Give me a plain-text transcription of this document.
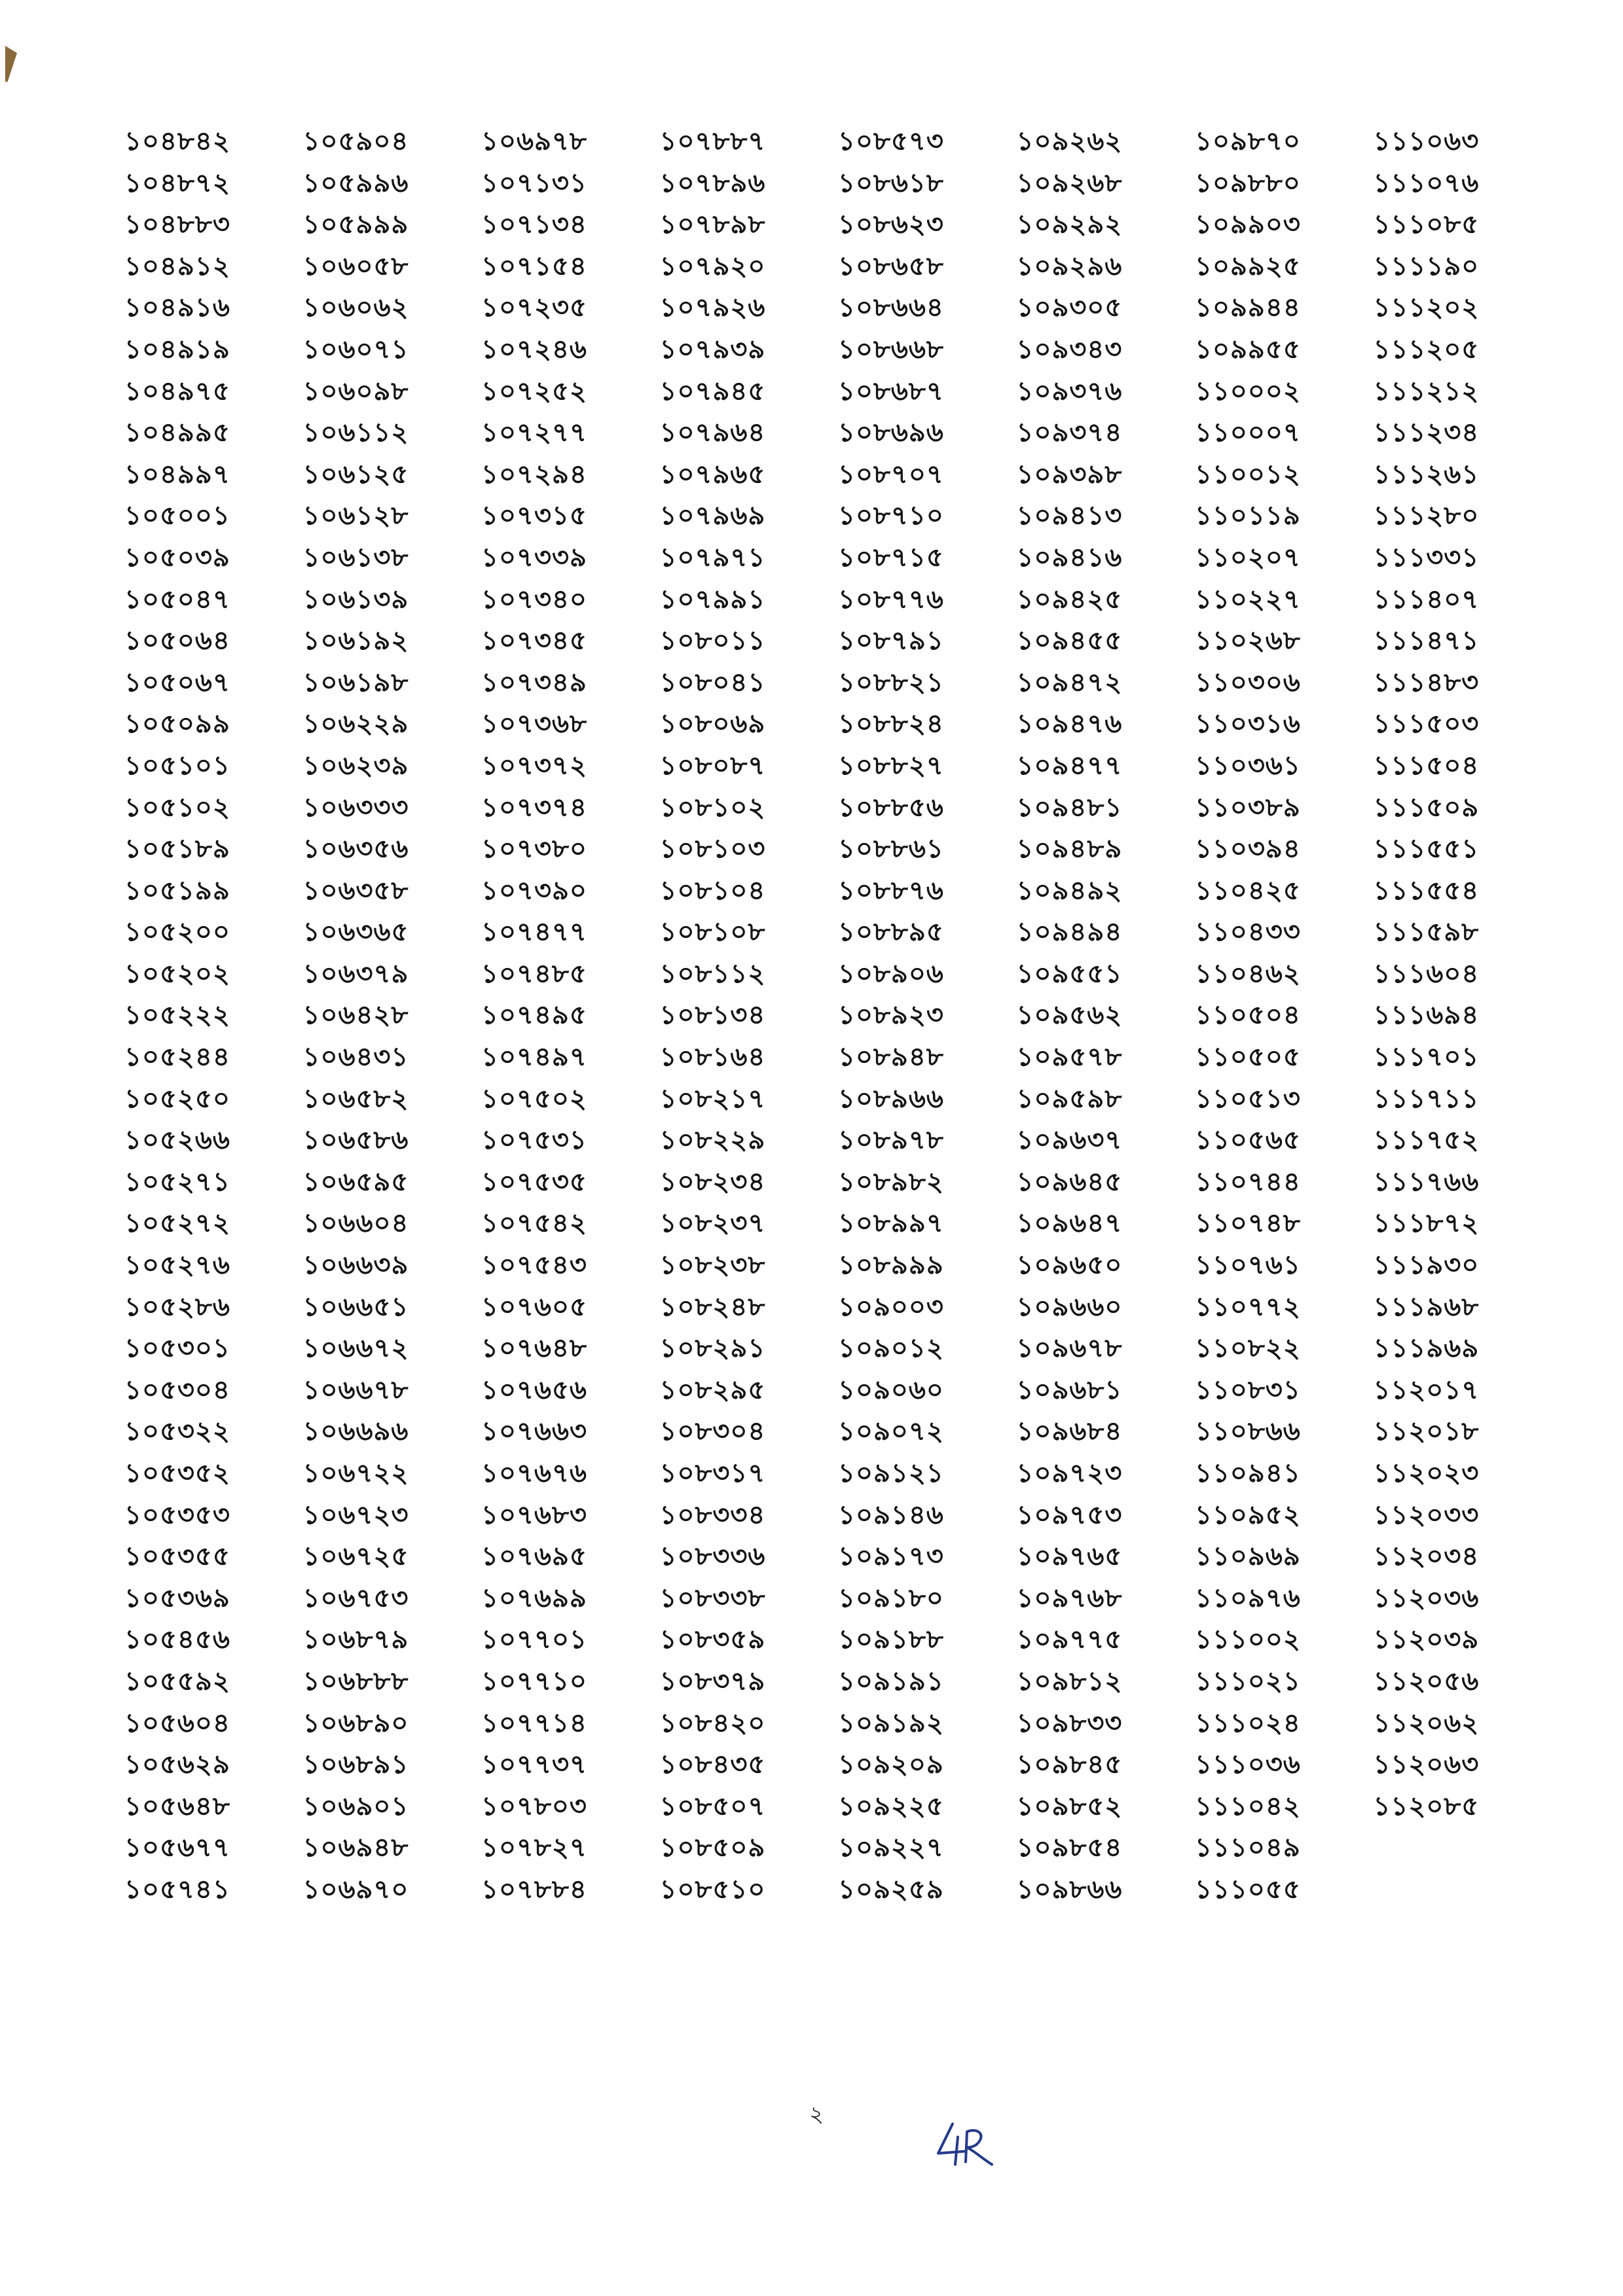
১০৪৮৪২
১০৪৮৭২
১০৪৮৮৩
১০৪৯১২
১০৪৯১৬
১০৪৯১৯
১০৪৯৭৫
১০৪৯৯৫
১০৪৯৯৭
১০৫০০১
১০৫০৩৯
১০৫০৪৭
১০৫০৬৪
১০৫০৬৭
১০৫০৯৯
১০৫১০১
১০৫১০২
১০৫১৮৯
১০৫১৯৯
১০৫২০০
১০৫২০২
১০৫২২২
১০৫২৪৪
১০৫২৫০
১০৫২৬৬
১০৫২৭১
১০৫২৭২
১০৫২৭৬
১০৫২৮৬
১০৫৩০১
১০৫৩০৪
১০৫৩২২
১০৫৩৫২
১০৫৩৫৩
১০৫৩৫৫
১০৫৩৬৯
১০৫৪৫৬
১০৫৫৯২
১০৫৬০৪
১০৫৬২৯
১০৫৬৪৮
১০৫৬৭৭
১০৫৭৪১
১০৫৯০৪
১০৫৯৯৬
১০৫৯৯৯
১০৬০৫৮
১০৬০৬২
১০৬০৭১
১০৬০৯৮
১০৬১১২
১০৬১২৫
১০৬১২৮
১০৬১৩৮
১০৬১৩৯
১০৬১৯২
১০৬১৯৮
১০৬২২৯
১০৬২৩৯
১০৬৩৩৩
১০৬৩৫৬
১০৬৩৫৮
১০৬৩৬৫
১০৬৩৭৯
১০৬৪২৮
১০৬৪৩১
১০৬৫৮২
১০৬৫৮৬
১০৬৫৯৫
১০৬৬০৪
১০৬৬৩৯
১০৬৬৫১
১০৬৬৭২
১০৬৬৭৮
১০৬৬৯৬
১০৬৭২২
১০৬৭২৩
১০৬৭২৫
১০৬৭৫৩
১০৬৮৭৯
১০৬৮৮৮
১০৬৮৯০
১০৬৮৯১
১০৬৯০১
১০৬৯৪৮
১০৬৯৭০
১০৬৯৭৮
১০৭১৩১
১০৭১৩৪
১০৭১৫৪
১০৭২৩৫
১০৭২৪৬
১০৭২৫২
১০৭২৭৭
১০৭২৯৪
১০৭৩১৫
১০৭৩৩৯
১০৭৩৪০
১০৭৩৪৫
১০৭৩৪৯
১০৭৩৬৮
১০৭৩৭২
১০৭৩৭৪
১০৭৩৮০
১০৭৩৯০
১০৭৪৭৭
১০৭৪৮৫
১০৭৪৯৫
১০৭৪৯৭
১০৭৫০২
১০৭৫৩১
১০৭৫৩৫
১০৭৫৪২
১০৭৫৪৩
১০৭৬০৫
১০৭৬৪৮
১০৭৬৫৬
১০৭৬৬৩
১০৭৬৭৬
১০৭৬৮৩
১০৭৬৯৫
১০৭৬৯৯
১০৭৭০১
১০৭৭১০
১০৭৭১৪
১০৭৭৩৭
১০৭৮০৩
১০৭৮২৭
১০৭৮৮৪
১০৭৮৮৭
১০৭৮৯৬
১০৭৮৯৮
১০৭৯২০
১০৭৯২৬
১০৭৯৩৯
১০৭৯৪৫
১০৭৯৬৪
১০৭৯৬৫
১০৭৯৬৯
১০৭৯৭১
১০৭৯৯১
১০৮০১১
১০৮০৪১
১০৮০৬৯
১০৮০৮৭
১০৮১০২
১০৮১০৩
১০৮১০৪
১০৮১০৮
১০৮১১২
১০৮১৩৪
১০৮১৬৪
১০৮২১৭
১০৮২২৯
১০৮২৩৪
১০৮২৩৭
১০৮২৩৮
১০৮২৪৮
১০৮২৯১
১০৮২৯৫
১০৮৩০৪
১০৮৩১৭
১০৮৩৩৪
১০৮৩৩৬
১০৮৩৩৮
১০৮৩৫৯
১০৮৩৭৯
১০৮৪২০
১০৮৪৩৫
১০৮৫০৭
১০৮৫০৯
১০৮৫১০
১০৮৫৭৩
১০৮৬১৮
১০৮৬২৩
১০৮৬৫৮
১০৮৬৬৪
১০৮৬৬৮
১০৮৬৮৭
১০৮৬৯৬
১০৮৭০৭
১০৮৭১০
১০৮৭১৫
১০৮৭৭৬
১০৮৭৯১
১০৮৮২১
১০৮৮২৪
১০৮৮২৭
১০৮৮৫৬
১০৮৮৬১
১০৮৮৭৬
১০৮৮৯৫
১০৮৯০৬
১০৮৯২৩
১০৮৯৪৮
১০৮৯৬৬
১০৮৯৭৮
১০৮৯৮২
১০৮৯৯৭
১০৮৯৯৯
১০৯০০৩
১০৯০১২
১০৯০৬০
১০৯০৭২
১০৯১২১
১০৯১৪৬
১০৯১৭৩
১০৯১৮০
১০৯১৮৮
১০৯১৯১
১০৯১৯২
১০৯২০৯
১০৯২২৫
১০৯২২৭
১০৯২৫৯
১০৯২৬২
১০৯২৬৮
১০৯২৯২
১০৯২৯৬
১০৯৩০৫
১০৯৩৪৩
১০৯৩৭৬
১০৯৩৭৪
১০৯৩৯৮
১০৯৪১৩
১০৯৪১৬
১০৯৪২৫
১০৯৪৫৫
১০৯৪৭২
১০৯৪৭৬
১০৯৪৭৭
১০৯৪৮১
১০৯৪৮৯
১০৯৪৯২
১০৯৪৯৪
১০৯৫৫১
১০৯৫৬২
১০৯৫৭৮
১০৯৫৯৮
১০৯৬৩৭
১০৯৬৪৫
১০৯৬৪৭
১০৯৬৫০
১০৯৬৬০
১০৯৬৭৮
১০৯৬৮১
১০৯৬৮৪
১০৯৭২৩
১০৯৭৫৩
১০৯৭৬৫
১০৯৭৬৮
১০৯৭৭৫
১০৯৮১২
১০৯৮৩৩
১০৯৮৪৫
১০৯৮৫২
১০৯৮৫৪
১০৯৮৬৬
১০৯৮৭০
১০৯৮৮০
১০৯৯০৩
১০৯৯২৫
১০৯৯৪৪
১০৯৯৫৫
১১০০০২
১১০০০৭
১১০০১২
১১০১১৯
১১০২০৭
১১০২২৭
১১০২৬৮
১১০৩০৬
১১০৩১৬
১১০৩৬১
১১০৩৮৯
১১০৩৯৪
১১০৪২৫
১১০৪৩৩
১১০৪৬২
১১০৫০৪
১১০৫০৫
১১০৫১৩
১১০৫৬৫
১১০৭৪৪
১১০৭৪৮
১১০৭৬১
১১০৭৭২
১১০৮২২
১১০৮৩১
১১০৮৬৬
১১০৯৪১
১১০৯৫২
১১০৯৬৯
১১০৯৭৬
১১১০০২
১১১০২১
১১১০২৪
১১১০৩৬
১১১০৪২
১১১০৪৯
১১১০৫৫
১১১০৬৩
১১১০৭৬
১১১০৮৫
১১১১৯০
১১১২০২
১১১২০৫
১১১২১২
১১১২৩৪
১১১২৬১
১১১২৮০
১১১৩৩১
১১১৪০৭
১১১৪৭১
১১১৪৮৩
১১১৫০৩
১১১৫০৪
১১১৫০৯
১১১৫৫১
১১১৫৫৪
১১১৫৯৮
১১১৬০৪
১১১৬৯৪
১১১৭০১
১১১৭১১
১১১৭৫২
১১১৭৬৬
১১১৮৭২
১১১৯৩০
১১১৯৬৮
১১১৯৬৯
১১২০১৭
১১২০১৮
১১২০২৩
১১২০৩৩
১১২০৩৪
১১২০৩৬
১১২০৩৯
১১২০৫৬
১১২০৬২
১১২০৬৩
১১২০৮৫
২
